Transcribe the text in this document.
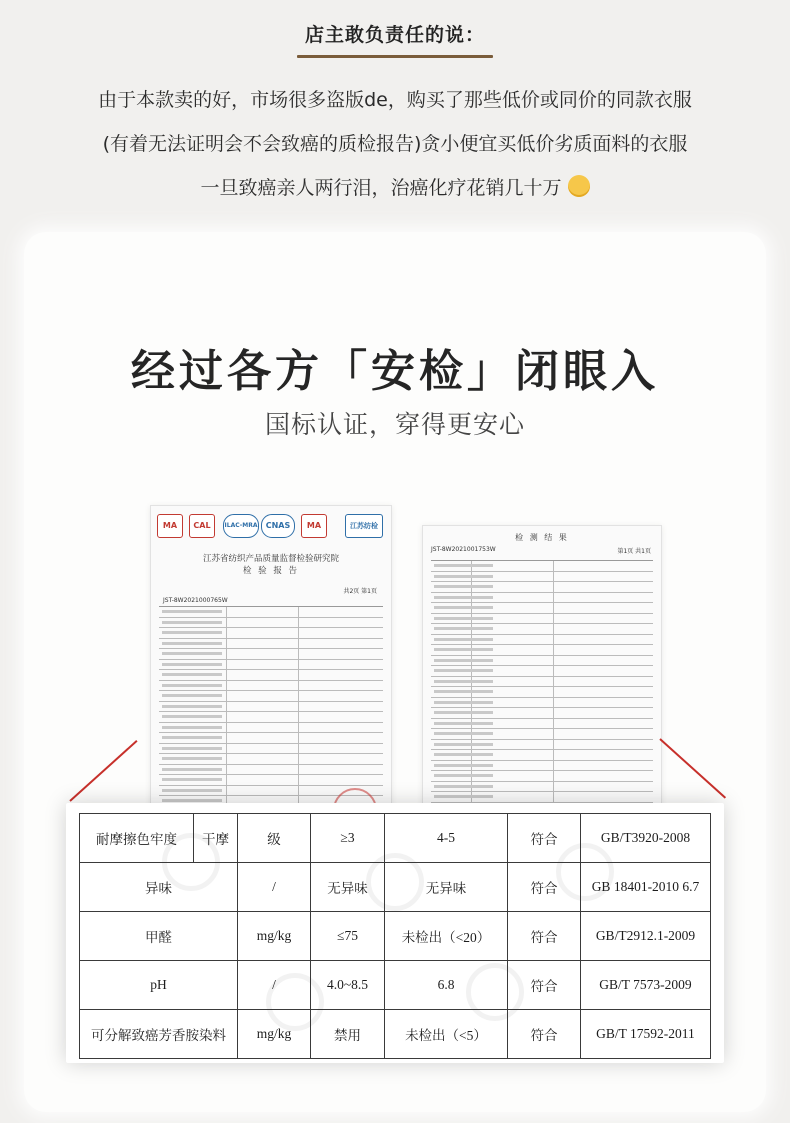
店主敢负责任的说：

由于本款卖的好，市场很多盗版de，购买了那些低价或同价的同款衣服

(有着无法证明会不会致癌的质检报告)贪小便宜买低价劣质面料的衣服

一旦致癌亲人两行泪，治癌化疗花销几十万

经过各方「安检」闭眼入
国标认证，穿得更安心
MA	CAL	ILAC-MRA	CNAS	MA	江苏纺检
江苏省纺织产品质量监督检验研究院
检 验 报 告
共2页 第1页
JST-8W2021000765W
检 测 结 果
JST-8W2021001753W	第1页 共1页
耐摩擦色牢度	干摩	级	≥3	4-5	符合	GB/T3920-2008
异味		/	无异味	无异味	符合	GB 18401-2010 6.7
甲醛		mg/kg	≤75	未检出（<20）	符合	GB/T2912.1-2009
pH		/	4.0~8.5	6.8	符合	GB/T 7573-2009
可分解致癌芳香胺染料		mg/kg	禁用	未检出（<5）	符合	GB/T 17592-2011
